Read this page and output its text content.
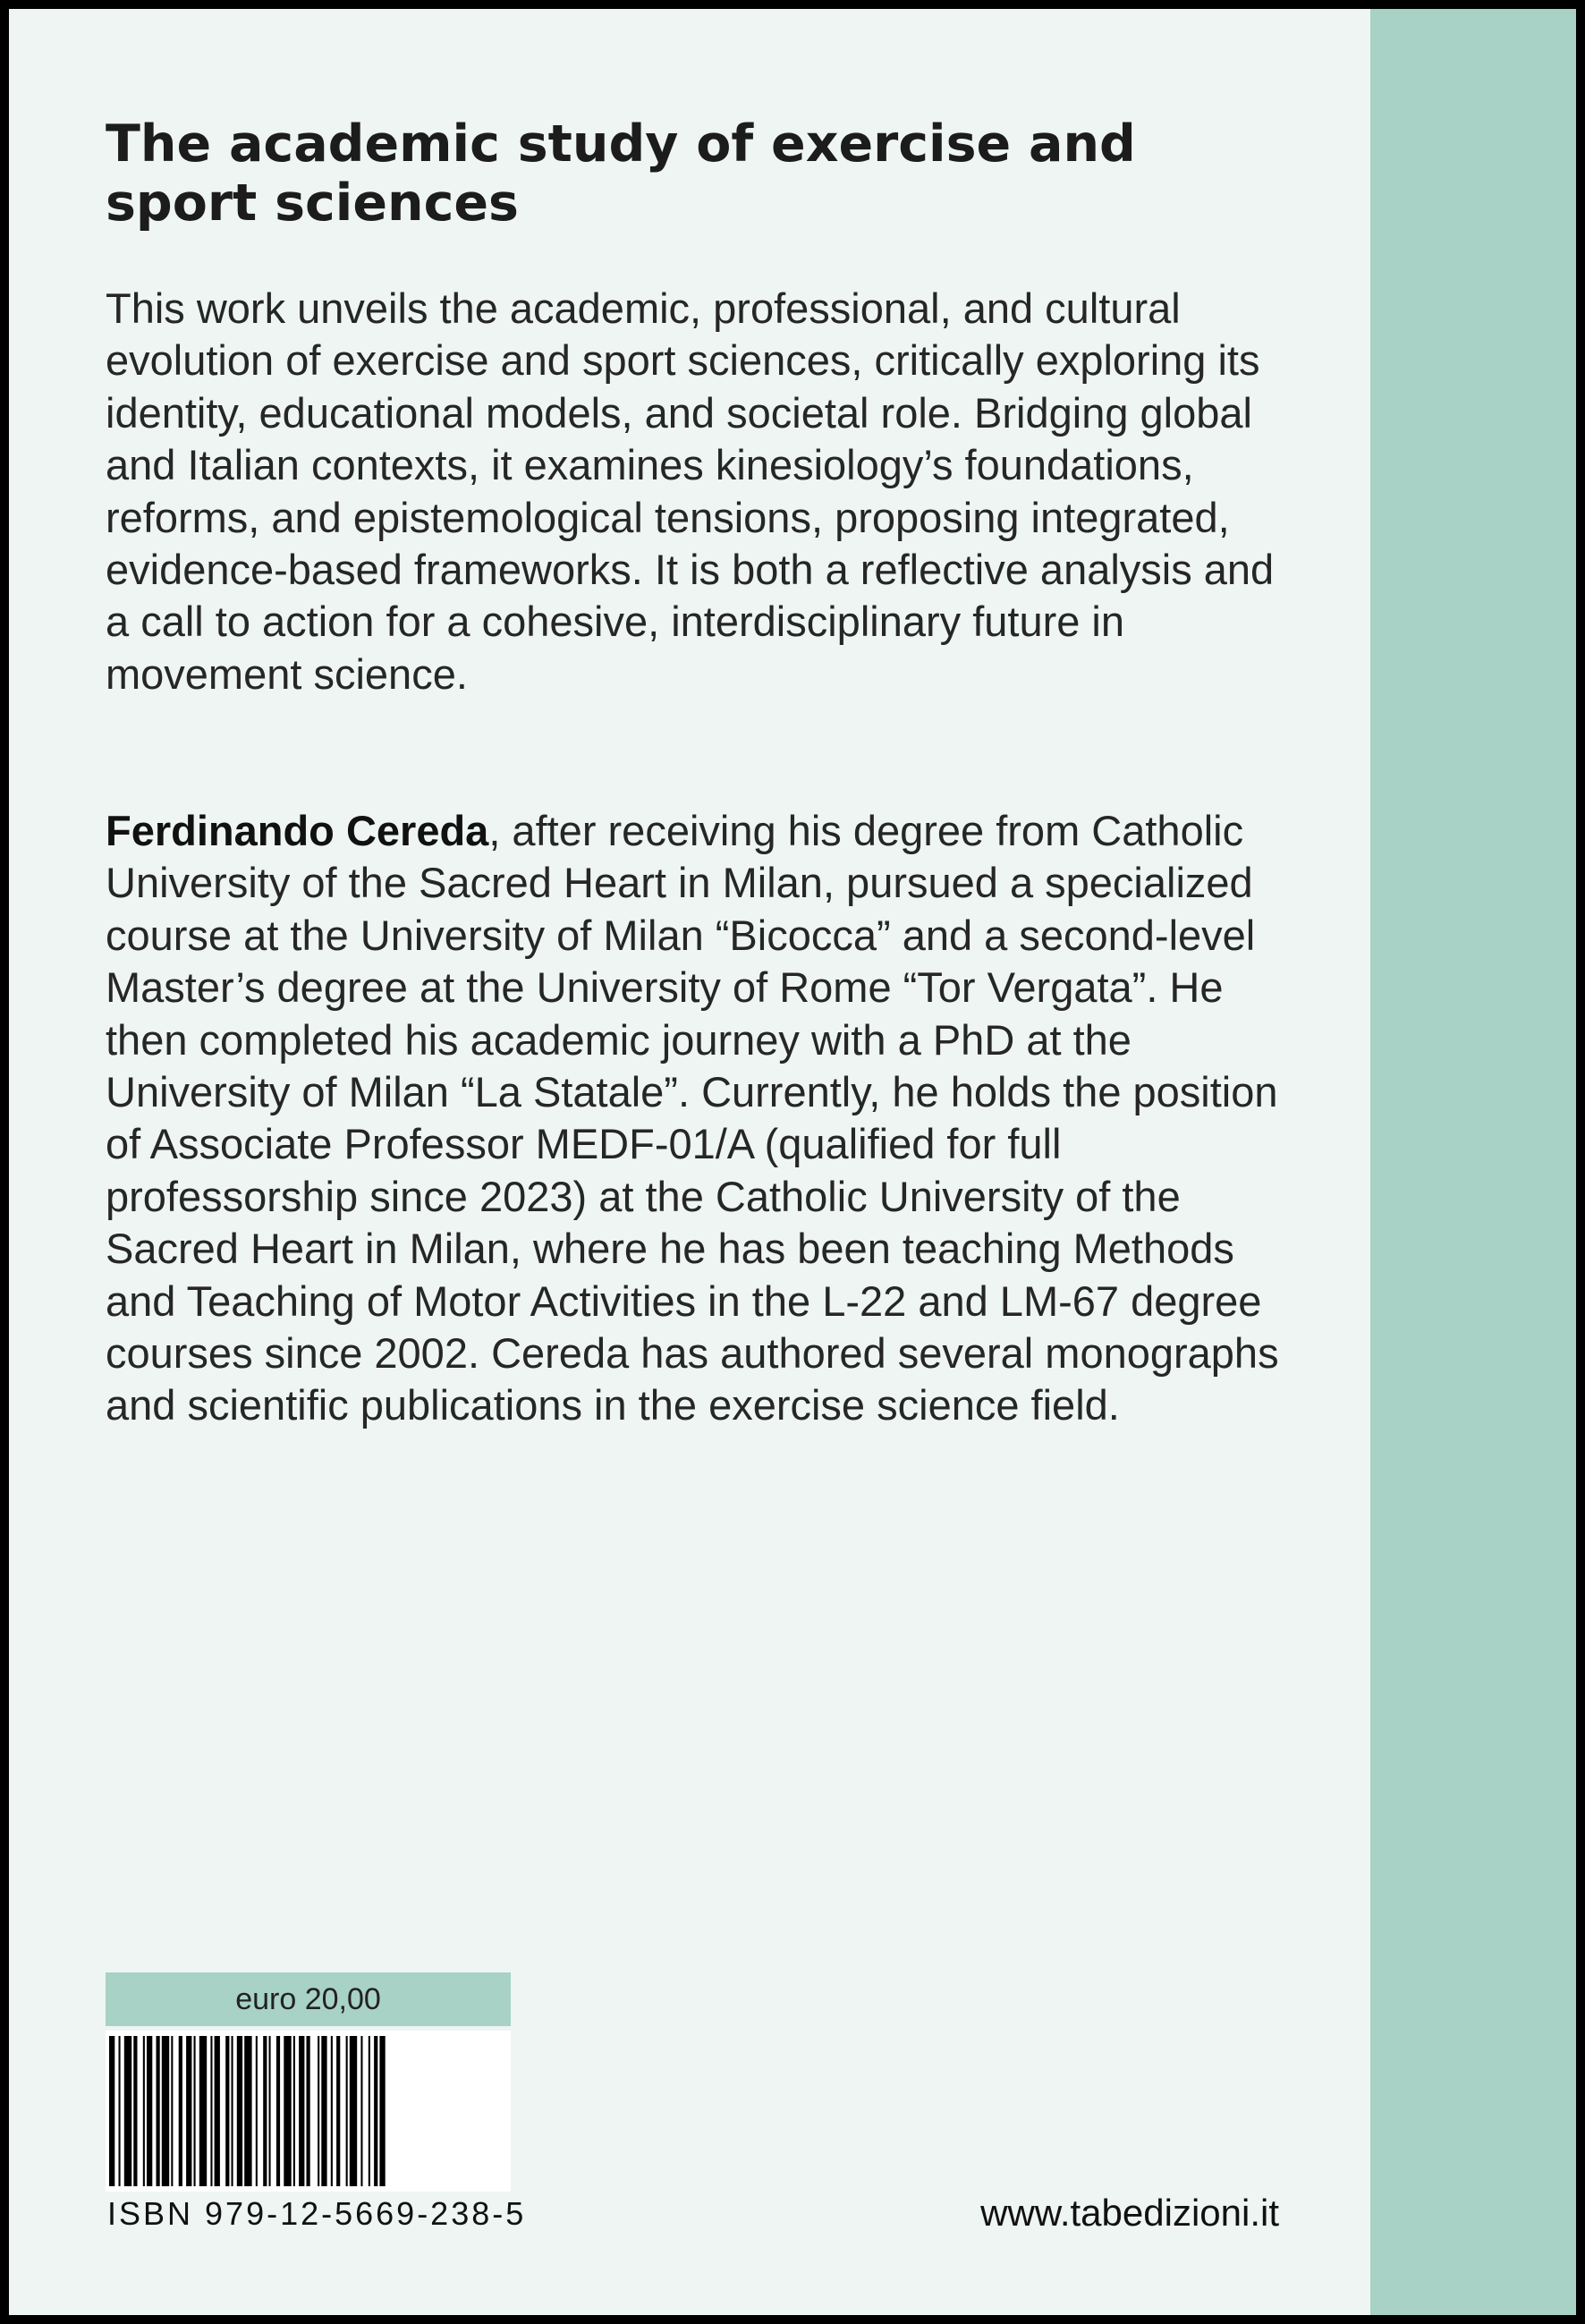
The academic study of exercise and sport sciences

This work unveils the academic, professional, and cultural evolution of exercise and sport sciences, critically exploring its identity, educational models, and societal role. Bridging global and Italian contexts, it examines kinesiology’s foundations, reforms, and epistemological tensions, proposing integrated, evidence-based frameworks. It is both a reflective analysis and a call to action for a cohesive, interdisciplinary future in movement science.

Ferdinando Cereda, after receiving his degree from Catholic University of the Sacred Heart in Milan, pursued a specialized course at the University of Milan “Bicocca” and a second-level Master’s degree at the University of Rome “Tor Vergata”. He then completed his academic journey with a PhD at the University of Milan “La Statale”. Currently, he holds the position of Associate Professor MEDF-01/A (qualified for full professorship since 2023) at the Catholic University of the Sacred Heart in Milan, where he has been teaching Methods and Teaching of Motor Activities in the L-22 and LM-67 degree courses since 2002. Cereda has authored several monographs and scientific publications in the exercise science field.

euro 20,00
ISBN 979-12-5669-238-5	www.tabedizioni.it
